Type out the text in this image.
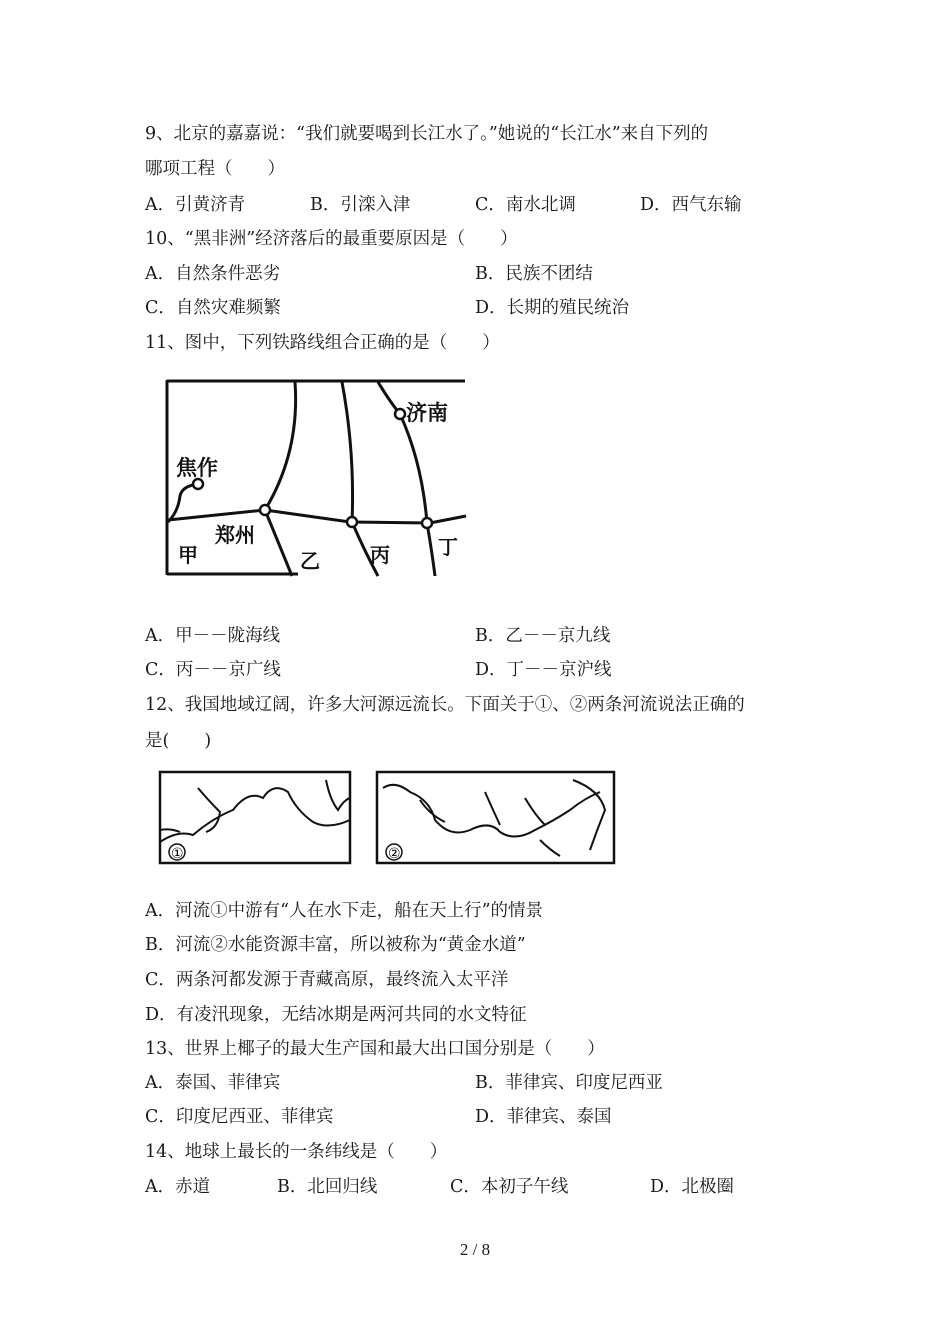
9、北京的嘉嘉说：“我们就要喝到长江水了。”她说的“长江水”来自下列的
哪项工程（　　）
A．引黄济青	B．引滦入津	C．南水北调	D．西气东输
10、“黑非洲”经济落后的最重要原因是（　　）
A．自然条件恶劣	B．民族不团结
C．自然灾难频繁	D．长期的殖民统治
11、图中，下列铁路线组合正确的是（　　）
济南
焦作
郑州
甲	乙	丙 丁
A．甲－－陇海线	B．乙－－京九线
C．丙－－京广线	D．丁－－京沪线
12、我国地域辽阔，许多大河源远流长。下面关于①、②两条河流说法正确的
是(　　)
①	②
A．河流①中游有“人在水下走，船在天上行”的情景
B．河流②水能资源丰富，所以被称为“黄金水道”
C．两条河都发源于青藏高原，最终流入太平洋
D．有凌汛现象，无结冰期是两河共同的水文特征
13、世界上椰子的最大生产国和最大出口国分别是（　　）
A．泰国、菲律宾	B．菲律宾、印度尼西亚
C．印度尼西亚、菲律宾	D．菲律宾、泰国
14、地球上最长的一条纬线是（　　）
A．赤道	B．北回归线	C．本初子午线	D．北极圈
2 / 8
